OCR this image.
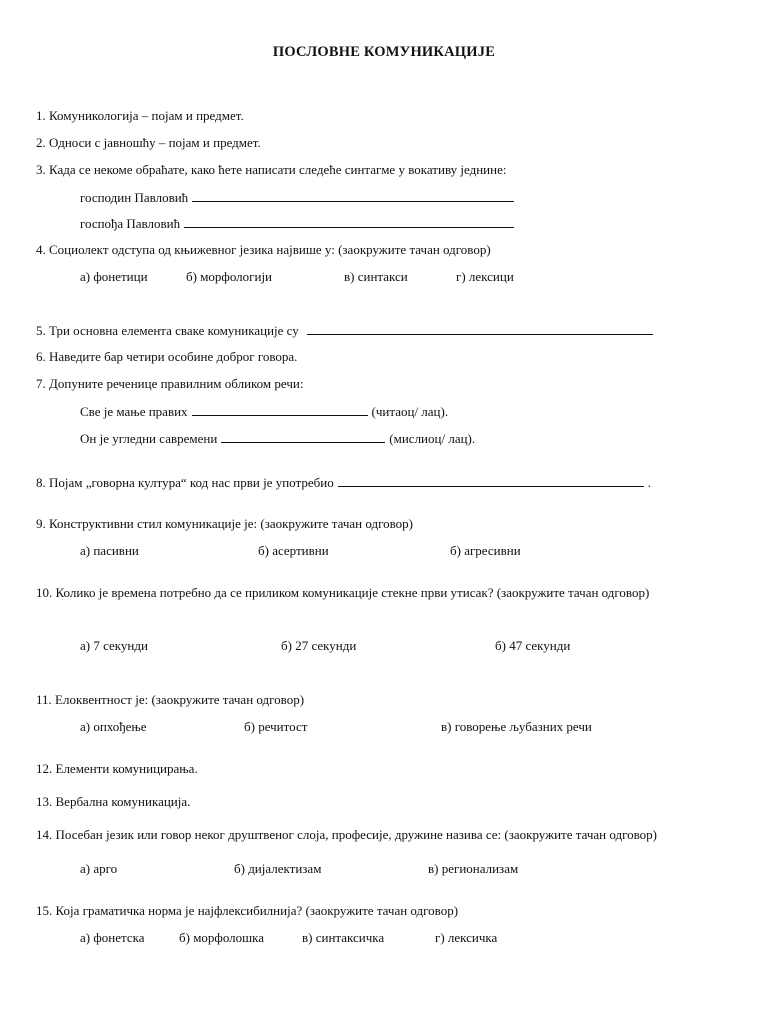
ПОСЛОВНЕ КОМУНИКАЦИЈЕ
1. Комуникологија – појам и предмет.
2. Односи с јавношћу – појам и предмет.
3. Када се некоме обраћате, како ћете написати следеће синтагме у вокативу једнине:
господин Павловић
госпођа Павловић
4. Социолект одступа од књижевног језика највише у: (заокружите тачан одговор)
а) фонетици	б) морфологији	в) синтакси	г) лексици
5. Три основна елемента сваке комуникације су
6. Наведите бар четири особине доброг говора.
7. Допуните реченице правилним обликом речи:
Све је мање правих	(читаоц/ лац).
Он је угледни савремени	(мислиоц/ лац).
8. Појам „говорна култура“ код нас први је употребио	.
9. Конструктивни стил комуникације је: (заокружите тачан одговор)
а) пасивни	б) асертивни	б) агресивни
10. Колико је времена потребно да се приликом комуникације стекне први утисак? (заокружите тачан одговор)
а) 7 секунди	б) 27 секунди	б) 47 секунди
11. Елоквентност је: (заокружите тачан одговор)
а) опхођење	б) речитост	в) говорење љубазних речи
12. Елементи комуницирања.
13. Вербална комуникација.
14. Посебан језик или говор неког друштвеног слоја, професије, дружине назива се: (заокружите тачан одговор)
а) арго	б) дијалектизам	в) регионализам
15. Која граматичка норма је најфлексибилнија? (заокружите тачан одговор)
а) фонетска	б) морфолошка	в) синтаксичка	г) лексичка
